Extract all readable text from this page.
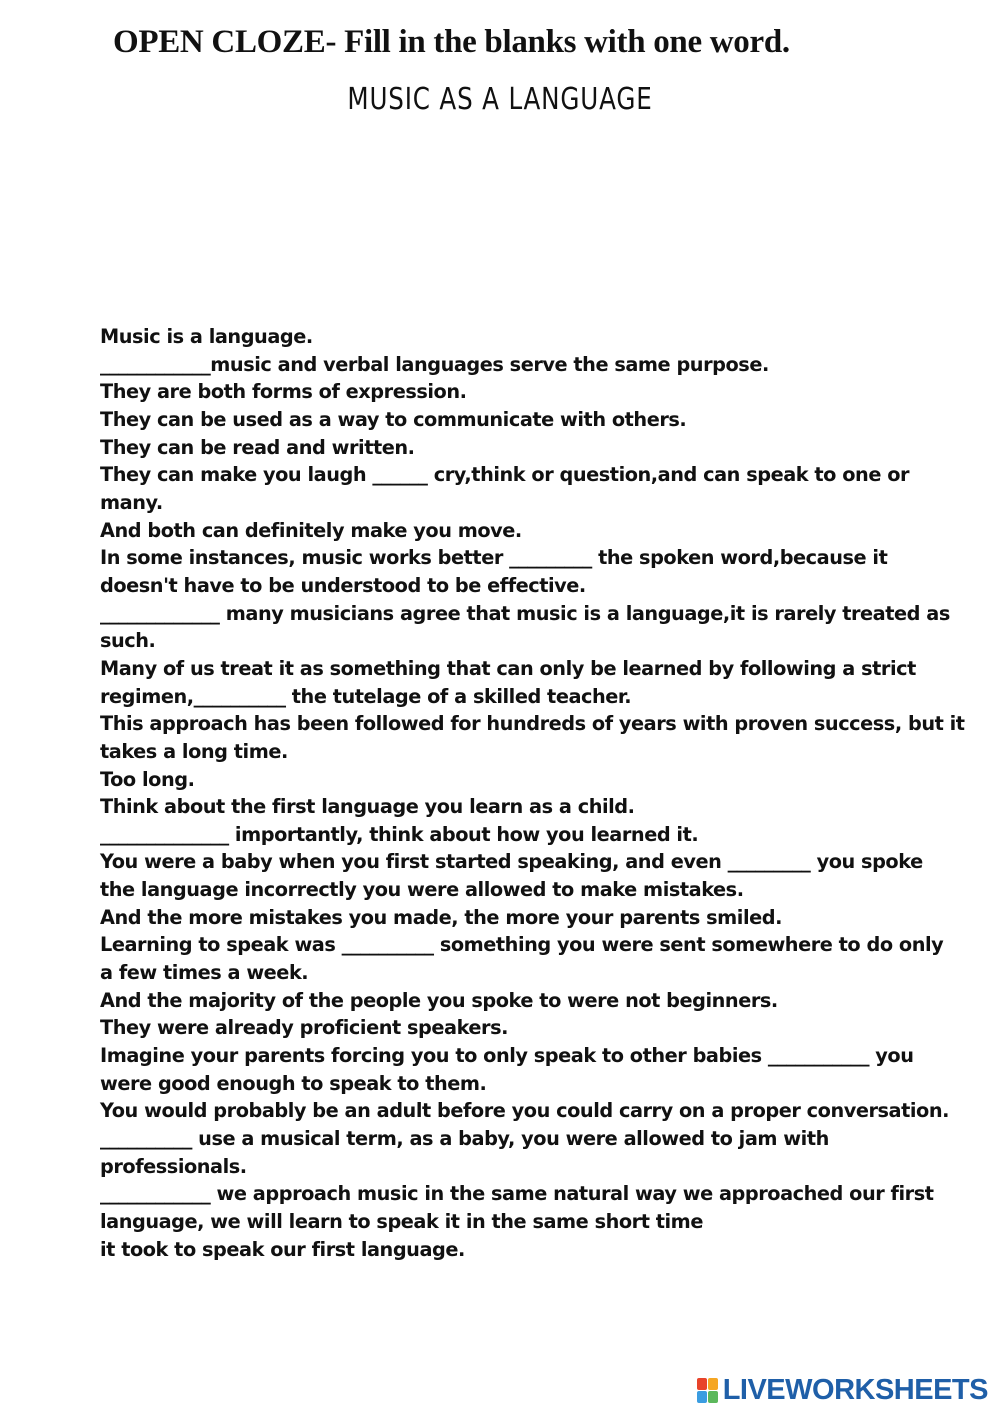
OPEN CLOZE- Fill in the blanks with one word.
MUSIC AS A LANGUAGE
Music is a language.
____________music and verbal languages serve the same purpose.
They are both forms of expression.
They can be used as a way to communicate with others.
They can be read and written.
They can make you laugh ______ cry,think or question,and can speak to one or
many.
And both can definitely make you move.
In some instances, music works better _________ the spoken word,because it
doesn't have to be understood to be effective.
_____________ many musicians agree that music is a language,it is rarely treated as
such.
Many of us treat it as something that can only be learned by following a strict
regimen,__________ the tutelage of a skilled teacher.
This approach has been followed for hundreds of years with proven success, but it
takes a long time.
Too long.
Think about the first language you learn as a child.
______________ importantly, think about how you learned it.
You were a baby when you first started speaking, and even _________ you spoke
the language incorrectly you were allowed to make mistakes.
And the more mistakes you made, the more your parents smiled.
Learning to speak was __________ something you were sent somewhere to do only
a few times a week.
And the majority of the people you spoke to were not beginners.
They were already proficient speakers.
Imagine your parents forcing you to only speak to other babies ___________ you
were good enough to speak to them.
You would probably be an adult before you could carry on a proper conversation.
__________ use a musical term, as a baby, you were allowed to jam with
professionals.
____________ we approach music in the same natural way we approached our first
language, we will learn to speak it in the same short time
it took to speak our first language.
LIVEWORKSHEETS
